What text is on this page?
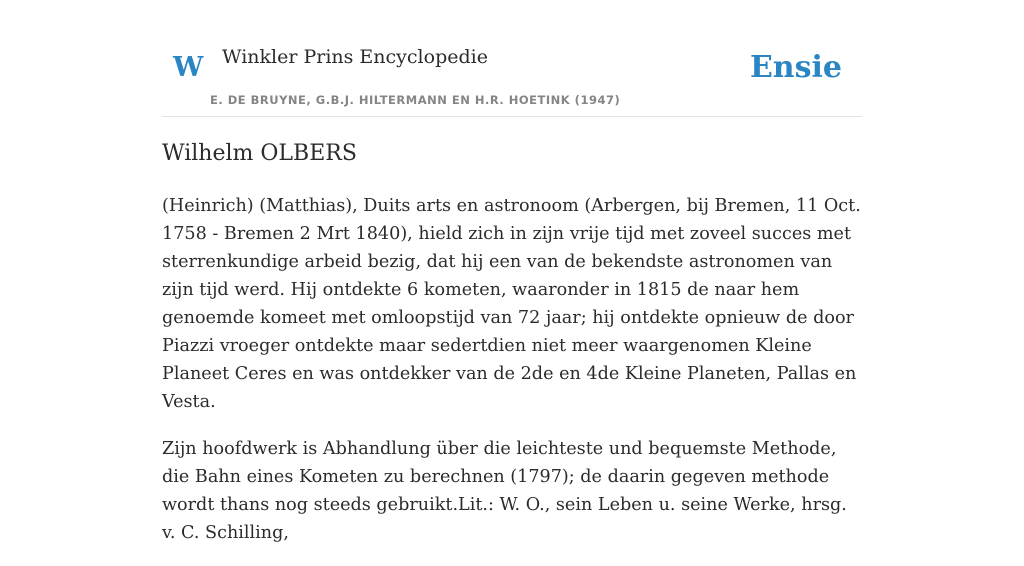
W Winkler Prins Encyclopedie
E. DE BRUYNE, G.B.J. HILTERMANN EN H.R. HOETINK (1947)
Ensie
Wilhelm OLBERS

(Heinrich) (Matthias), Duits arts en astronoom (Arbergen, bij Bremen, 11 Oct. 1758 - Bremen 2 Mrt 1840), hield zich in zijn vrije tijd met zoveel succes met sterrenkundige arbeid bezig, dat hij een van de bekendste astronomen van zijn tijd werd. Hij ontdekte 6 kometen, waaronder in 1815 de naar hem genoemde komeet met omloopstijd van 72 jaar; hij ontdekte opnieuw de door Piazzi vroeger ontdekte maar sedertdien niet meer waargenomen Kleine Planeet Ceres en was ontdekker van de 2de en 4de Kleine Planeten, Pallas en Vesta.

Zijn hoofdwerk is Abhandlung über die leichteste und bequemste Methode, die Bahn eines Kometen zu berechnen (1797); de daarin gegeven methode wordt thans nog steeds gebruikt.Lit.: W. O., sein Leben u. seine Werke, hrsg. v. C. Schilling,
